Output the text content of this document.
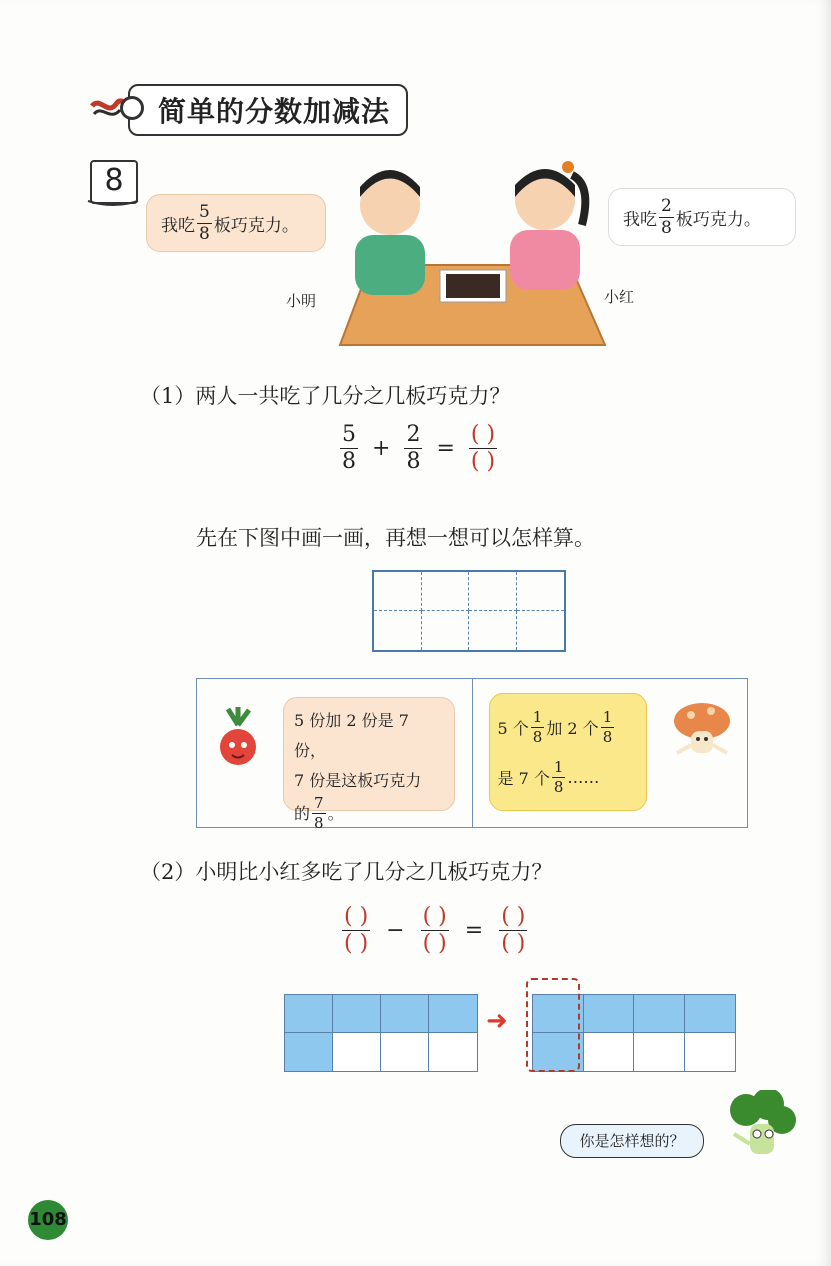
简单的分数加减法
8
我吃 $\frac{5}{8}$ 板巧克力。	我吃 $\frac{2}{8}$ 板巧克力。
小明	小红
（1）两人一共吃了几分之几板巧克力？
$\frac{5}{8} + \frac{2}{8} = \frac{( )}{( )}$
先在下图中画一画，再想一想可以怎样算。
5 份加 2 份是 7 份，
7 份是这板巧克力
的 $\frac{7}{8}$ 。
5 个 $\frac{1}{8}$ 加 2 个 $\frac{1}{8}$
是 7 个 $\frac{1}{8}$ ……
（2）小明比小红多吃了几分之几板巧克力？
$\frac{( )}{( )} - \frac{( )}{( )} = \frac{( )}{( )}$
➜
你是怎样想的？
108
